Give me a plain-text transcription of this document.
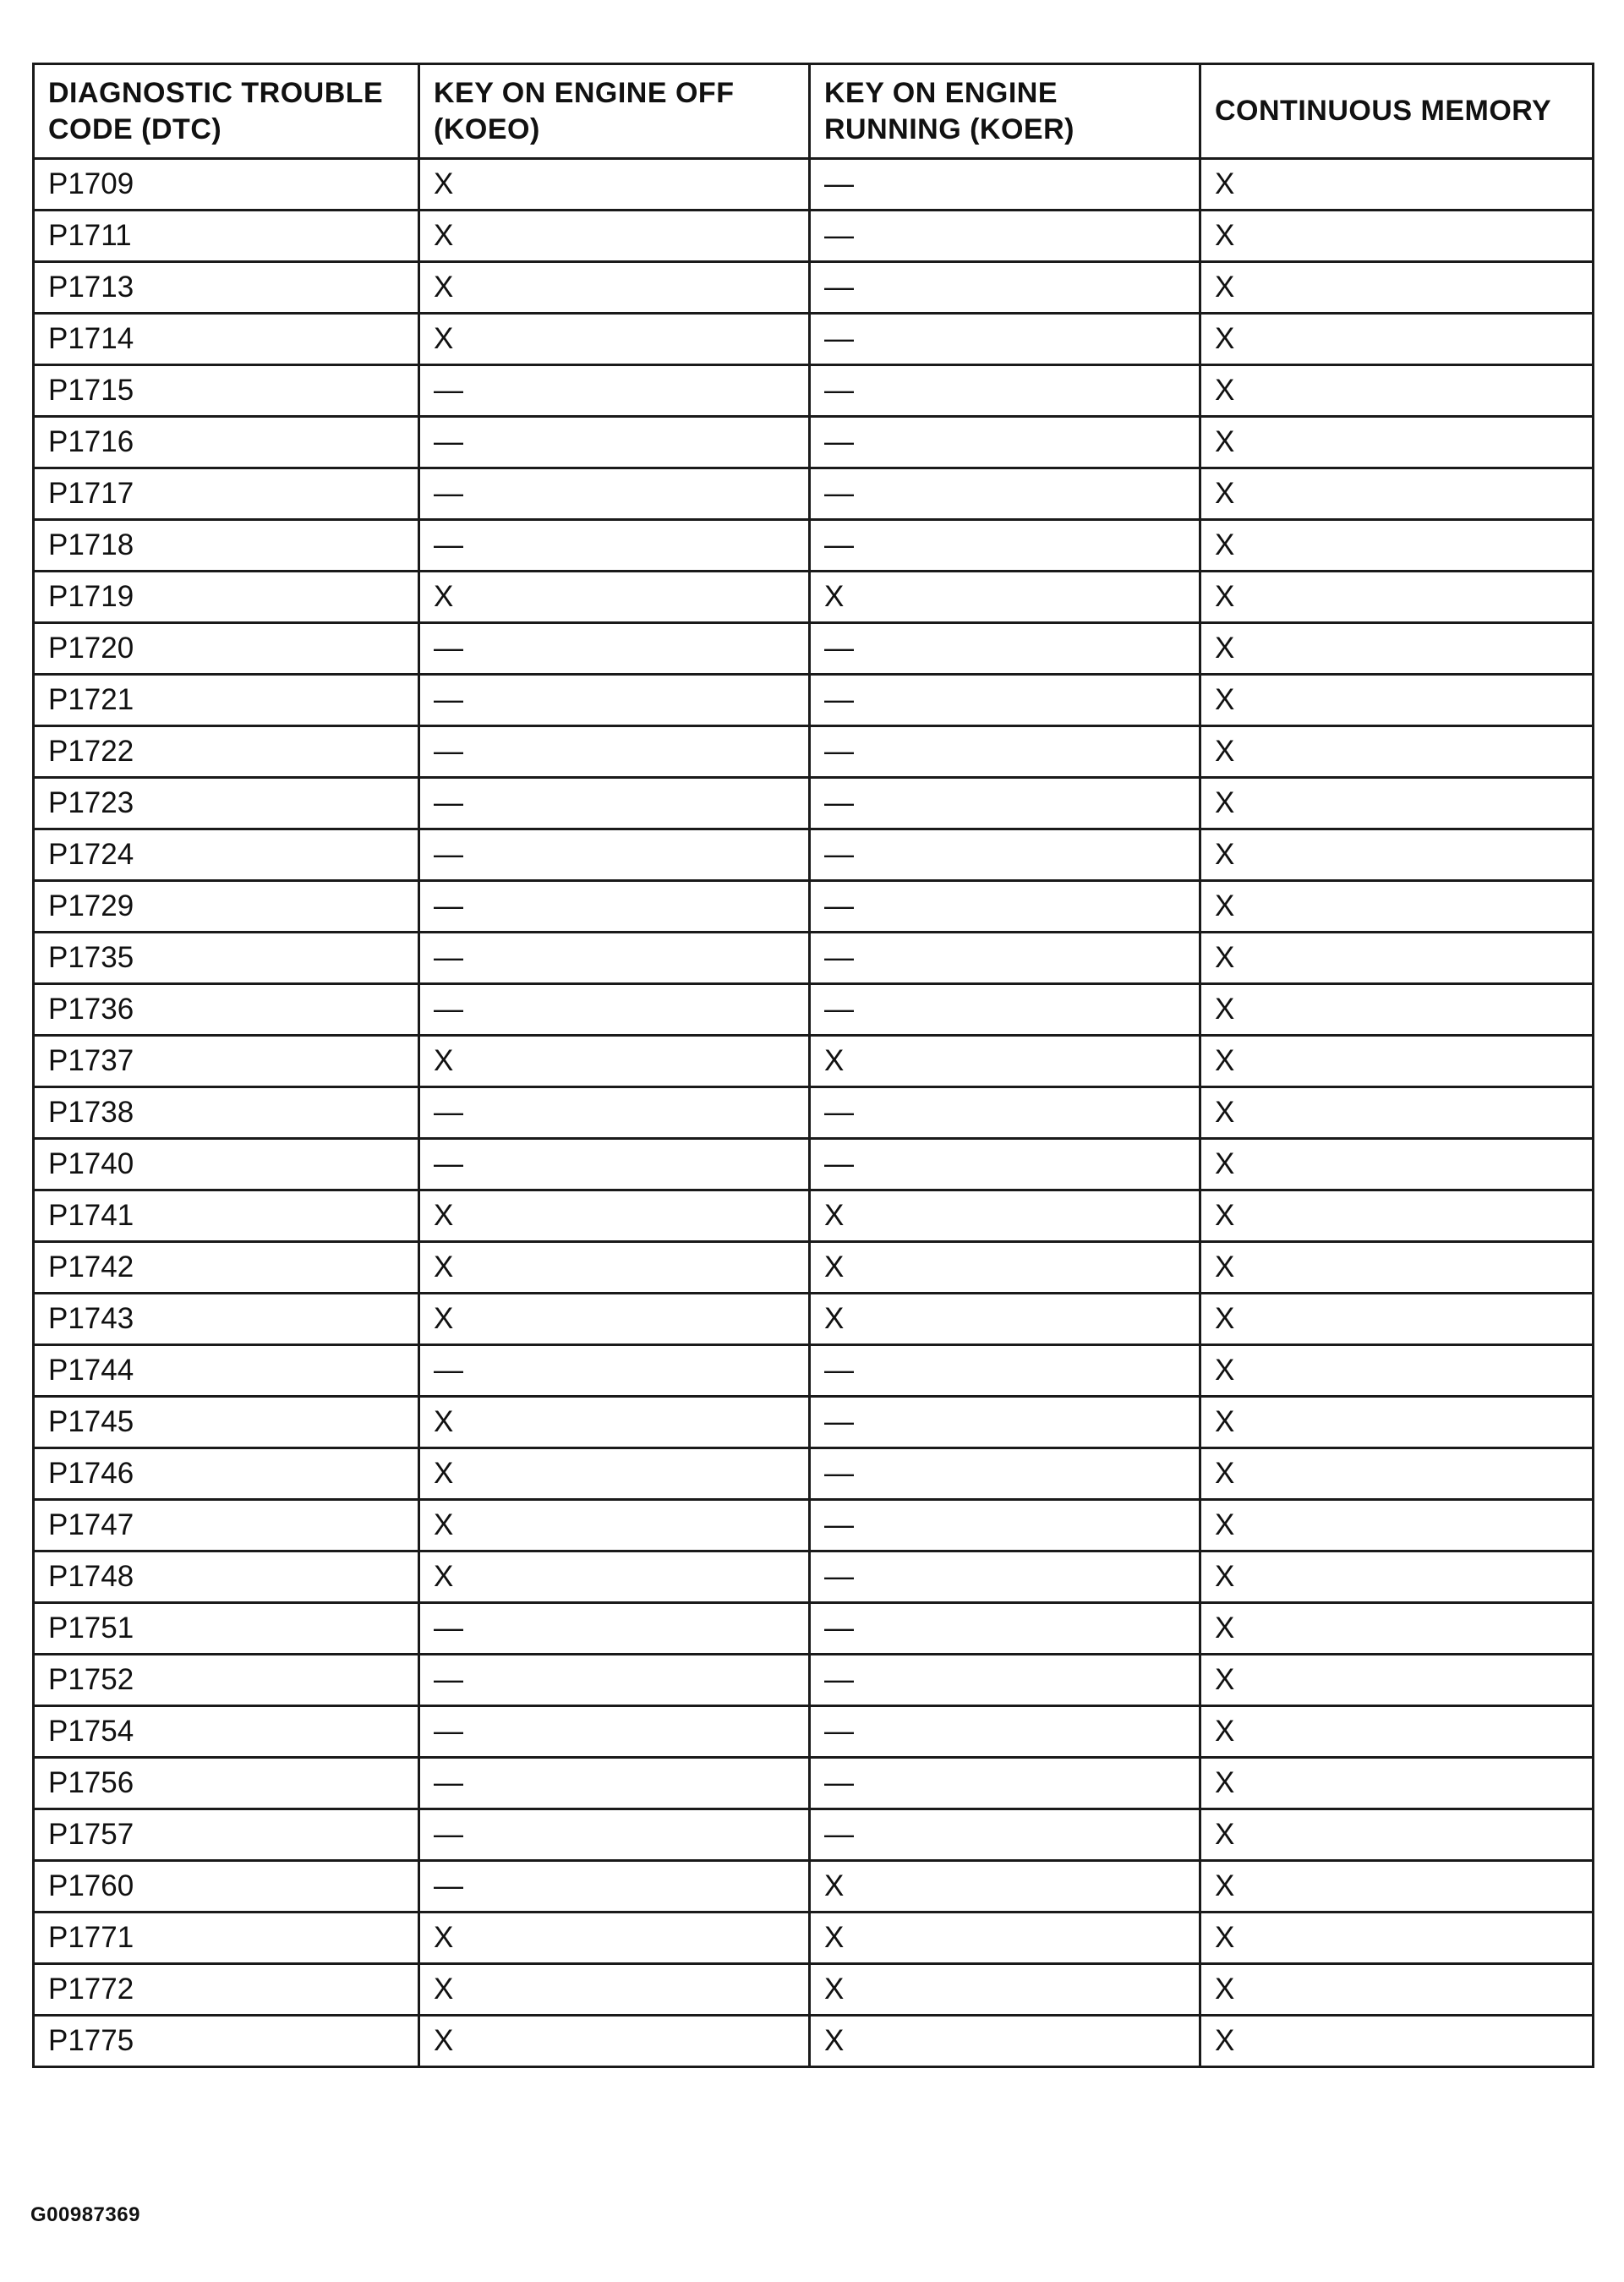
DIAGNOSTIC TROUBLE CODE (DTC)	KEY ON ENGINE OFF (KOEO)	KEY ON ENGINE RUNNING (KOER)	CONTINUOUS MEMORY
P1709	X	—	X
P1711	X	—	X
P1713	X	—	X
P1714	X	—	X
P1715	—	—	X
P1716	—	—	X
P1717	—	—	X
P1718	—	—	X
P1719	X	X	X
P1720	—	—	X
P1721	—	—	X
P1722	—	—	X
P1723	—	—	X
P1724	—	—	X
P1729	—	—	X
P1735	—	—	X
P1736	—	—	X
P1737	X	X	X
P1738	—	—	X
P1740	—	—	X
P1741	X	X	X
P1742	X	X	X
P1743	X	X	X
P1744	—	—	X
P1745	X	—	X
P1746	X	—	X
P1747	X	—	X
P1748	X	—	X
P1751	—	—	X
P1752	—	—	X
P1754	—	—	X
P1756	—	—	X
P1757	—	—	X
P1760	—	X	X
P1771	X	X	X
P1772	X	X	X
P1775	X	X	X
G00987369
